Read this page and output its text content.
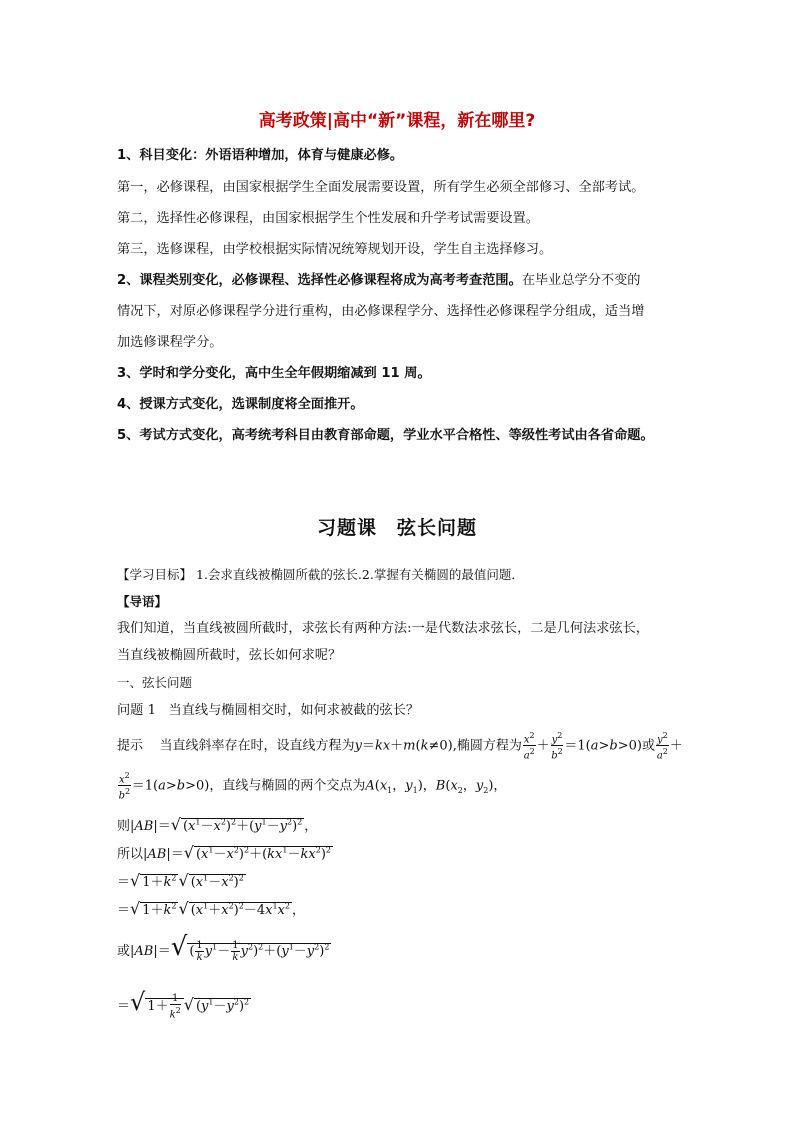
高考政策|高中“新”课程，新在哪里?
1、科目变化：外语语种增加，体育与健康必修。
第一，必修课程，由国家根据学生全面发展需要设置，所有学生必须全部修习、全部考试。
第二，选择性必修课程，由国家根据学生个性发展和升学考试需要设置。
第三，选修课程，由学校根据实际情况统筹规划开设，学生自主选择修习。
2、课程类别变化，必修课程、选择性必修课程将成为高考考查范围。在毕业总学分不变的
情况下，对原必修课程学分进行重构，由必修课程学分、选择性必修课程学分组成，适当增
加选修课程学分。
3、学时和学分变化，高中生全年假期缩减到 11 周。
4、授课方式变化，选课制度将全面推开。
5、考试方式变化，高考统考科目由教育部命题，学业水平合格性、等级性考试由各省命题。
习题课　弦长问题
【学习目标】 1.会求直线被椭圆所截的弦长.2.掌握有关椭圆的最值问题．
【导语】
我们知道，当直线被圆所截时，求弦长有两种方法:一是代数法求弦长，二是几何法求弦长，
当直线被椭圆所截时，弦长如何求呢？
一、弦长问题
问题 1 当直线与椭圆相交时，如何求被截的弦长？
提示 当直线斜率存在时，设直线方程为y＝kx＋m(k≠0),椭圆方程为 $\frac{x^2}{a^2} + \frac{y^2}{b^2} =1(a>b>0)$或 $\frac{y^2}{a^2}$ ＋
$\frac{x^2}{b^2} =1(a>b>0)$，直线与椭圆的两个交点为$A(x_1$，$y_1$)，$B(x_2$，$y_2$)，
则|AB|＝√ $(x^1-x^2)^2+(y^1-y^2)^2$ ，
所以|AB|＝√ $(x^1-x^2)^2+(kx^1-kx^2)^2$
＝√ $1+k^2$ √ $(x^1-x^2)^2$
＝√ $1+k^2$ √ $(x^1+x^2)^2-4x^1x^2$ ，
或|AB|＝√ ( $\frac{1}{k} y^1- \frac{1}{k} y^2)^2+(y^1-y^2)^2$
＝√ $1+ \frac{1}{k^2}$ √ $(y^1-y^2)^2$
